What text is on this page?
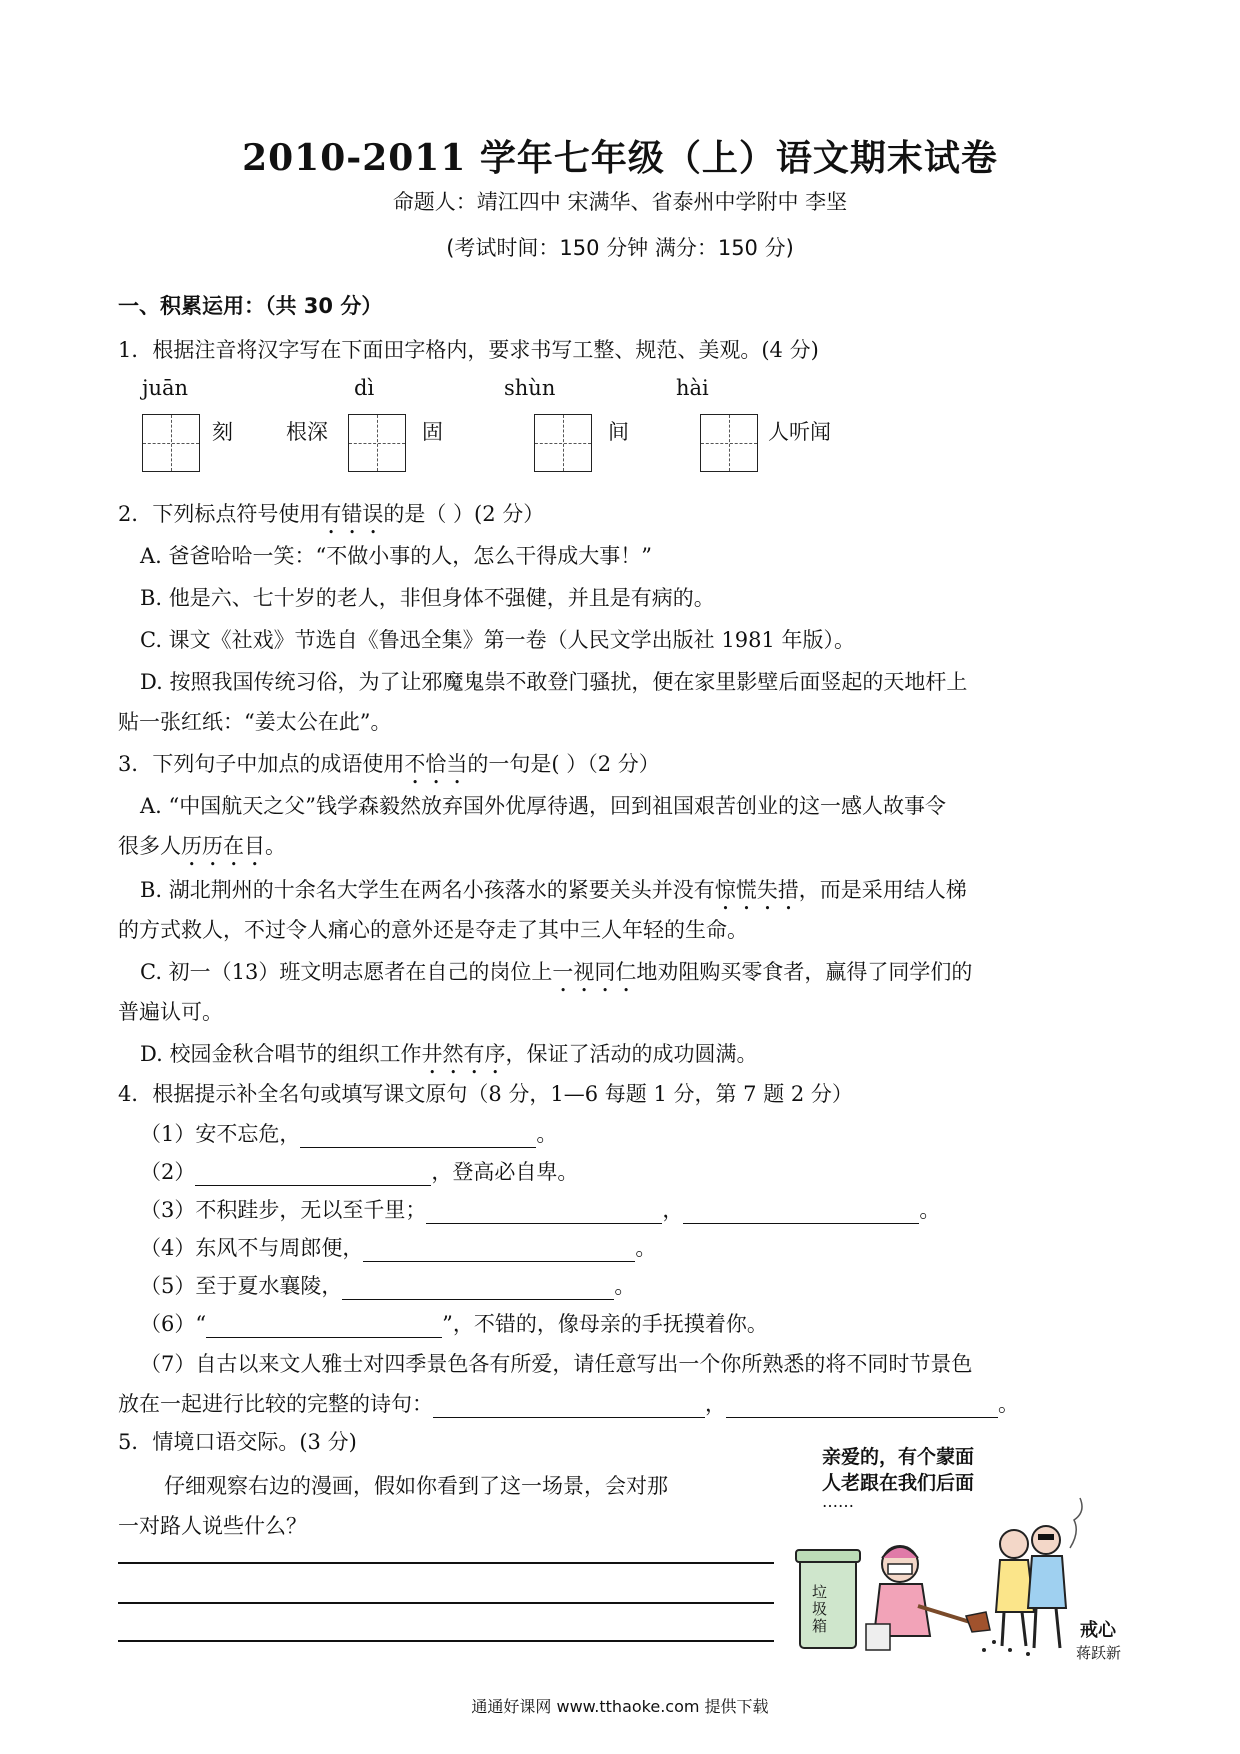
2010-2011 学年七年级（上）语文期末试卷
命题人：靖江四中 宋满华、省泰州中学附中 李坚
(考试时间：150 分钟 满分：150 分)
一、积累运用：（共 30 分）
1．根据注音将汉字写在下面田字格内，要求书写工整、规范、美观。(4 分)
juān	dì	shùn	hài
刻	根深	固	间	人听闻
2．下列标点符号使用有错误的是（ ）(2 分）
A. 爸爸哈哈一笑：“不做小事的人，怎么干得成大事！”
B. 他是六、七十岁的老人，非但身体不强健，并且是有病的。
C. 课文《社戏》节选自《鲁迅全集》第一卷（人民文学出版社 1981 年版）。
D. 按照我国传统习俗，为了让邪魔鬼祟不敢登门骚扰，便在家里影壁后面竖起的天地杆上
贴一张红纸：“姜太公在此”。
3．下列句子中加点的成语使用不恰当的一句是( ）（2 分）
A. “中国航天之父”钱学森毅然放弃国外优厚待遇，回到祖国艰苦创业的这一感人故事令
很多人历历在目。
B. 湖北荆州的十余名大学生在两名小孩落水的紧要关头并没有惊慌失措，而是采用结人梯
的方式救人，不过令人痛心的意外还是夺走了其中三人年轻的生命。
C. 初一（13）班文明志愿者在自己的岗位上一视同仁地劝阻购买零食者，赢得了同学们的
普遍认可。
D. 校园金秋合唱节的组织工作井然有序，保证了活动的成功圆满。
4．根据提示补全名句或填写课文原句（8 分，1—6 每题 1 分，第 7 题 2 分）
（1）安不忘危，	。
（2）	，登高必自卑。
（3）不积跬步，无以至千里；	，	。
（4）东风不与周郎便，	。
（5）至于夏水襄陵，	。
（6）“	”，不错的，像母亲的手抚摸着你。
（7）自古以来文人雅士对四季景色各有所爱，请任意写出一个你所熟悉的将不同时节景色
放在一起进行比较的完整的诗句：	，	。
5．情境口语交际。(3 分)
仔细观察右边的漫画，假如你看到了这一场景，会对那
一对路人说些什么？
亲爱的，有个蒙面
人老跟在我们后面
……
垃圾箱	戒心
蒋跃新
通通好课网 www.tthaoke.com 提供下载
